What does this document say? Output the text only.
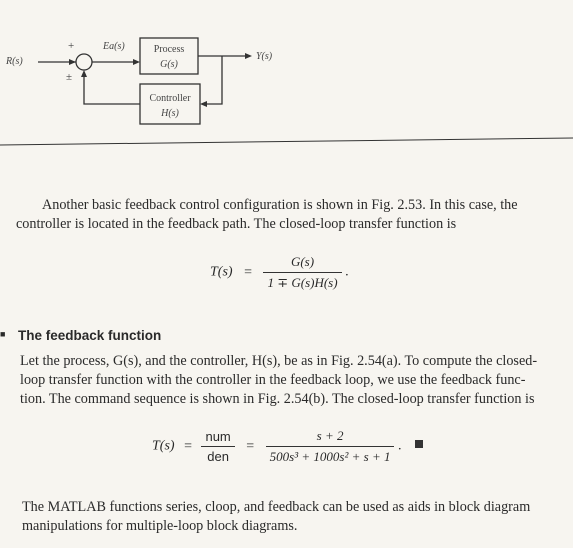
R(s)
+
±
Ea(s)	Process
G(s)
Y(s)
Controller
H(s)
Another basic feedback control configuration is shown in Fig. 2.53. In this case, the
controller is located in the feedback path. The closed-loop transfer function is
$T(s) = \frac{G(s)}{1 \mp G(s)H(s)}$ .
■ The feedback function
Let the process, G(s), and the controller, H(s), be as in Fig. 2.54(a). To compute the closed-
loop transfer function with the controller in the feedback loop, we use the feedback func-
tion. The command sequence is shown in Fig. 2.54(b). The closed-loop transfer function is
$T(s) = \frac{\text{num}}{\text{den}} = \frac{s + 2}{\text{500s³ + 1000s² + s + 1}}$ .
The MATLAB functions series, cloop, and feedback can be used as aids in block diagram
manipulations for multiple-loop block diagrams.
